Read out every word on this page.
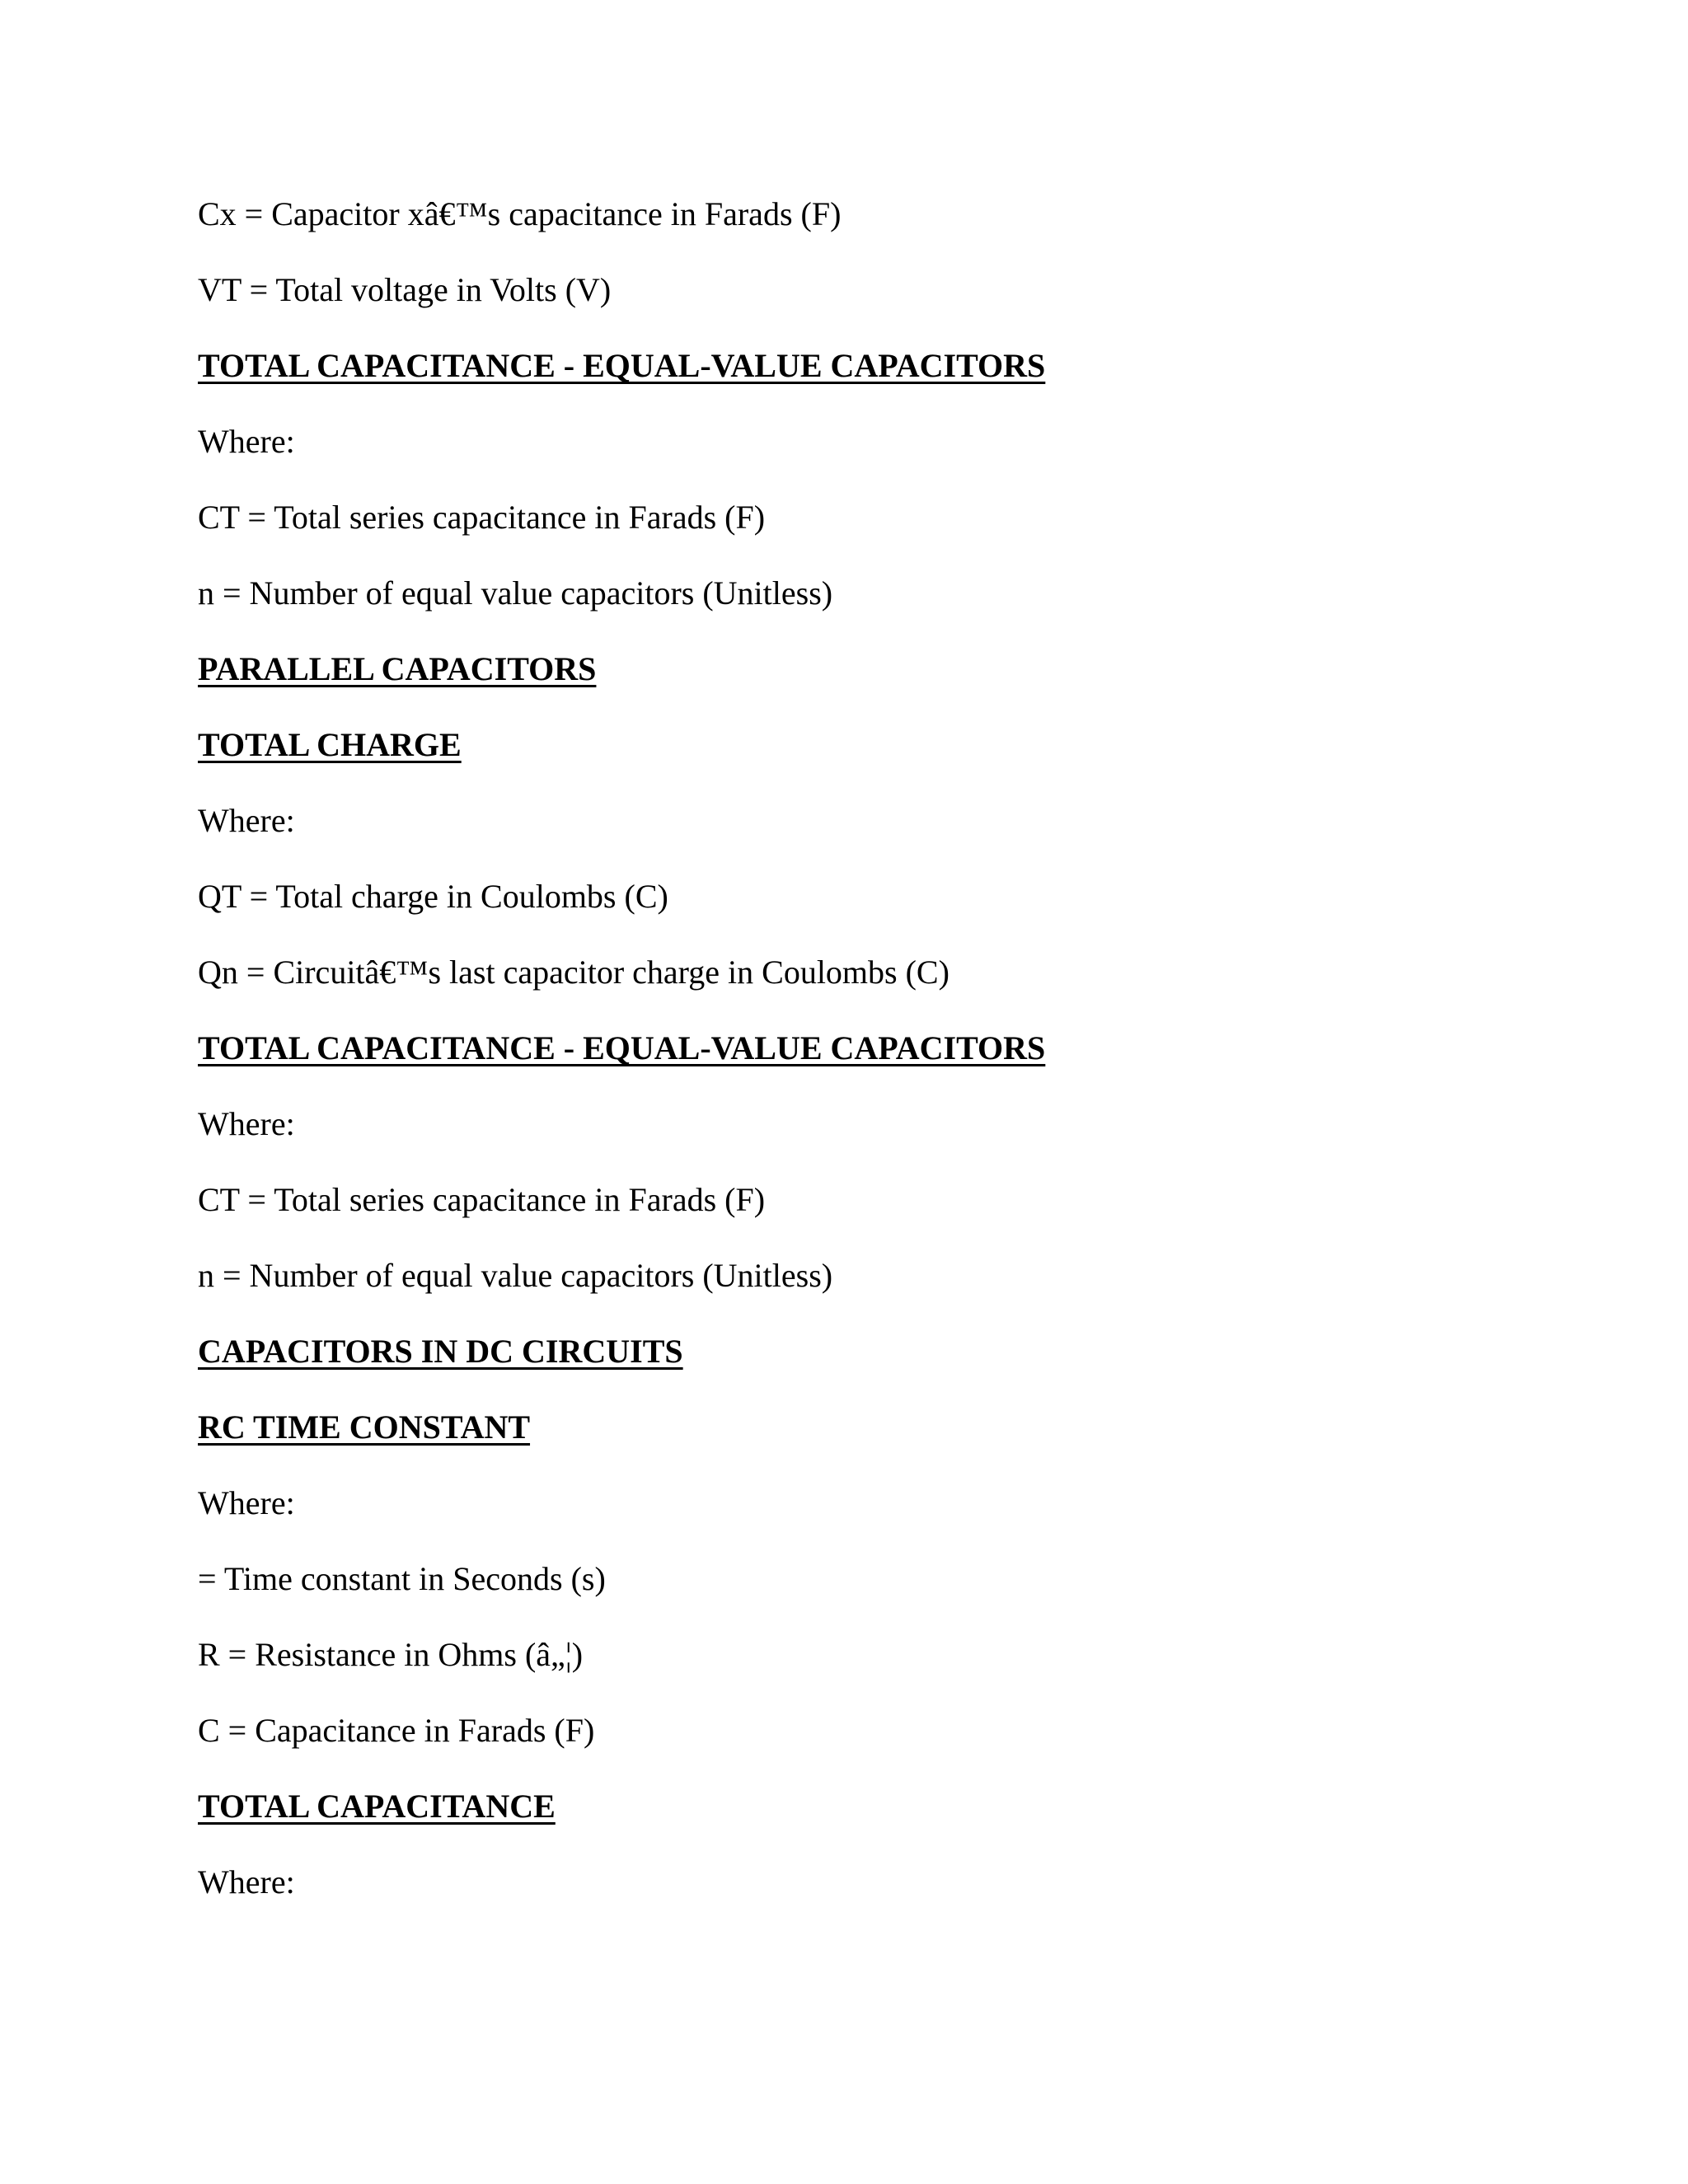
Cx = Capacitor xâ€™s capacitance in Farads (F)
VT = Total voltage in Volts (V)
TOTAL CAPACITANCE - EQUAL-VALUE CAPACITORS
Where:
CT = Total series capacitance in Farads (F)
n = Number of equal value capacitors (Unitless)
PARALLEL CAPACITORS
TOTAL CHARGE
Where:
QT = Total charge in Coulombs (C)
Qn = Circuitâ€™s last capacitor charge in Coulombs (C)
TOTAL CAPACITANCE - EQUAL-VALUE CAPACITORS
Where:
CT = Total series capacitance in Farads (F)
n = Number of equal value capacitors (Unitless)
CAPACITORS IN DC CIRCUITS
RC TIME CONSTANT
Where:
= Time constant in Seconds (s)
R = Resistance in Ohms (â„¦)
C = Capacitance in Farads (F)
TOTAL CAPACITANCE
Where:
